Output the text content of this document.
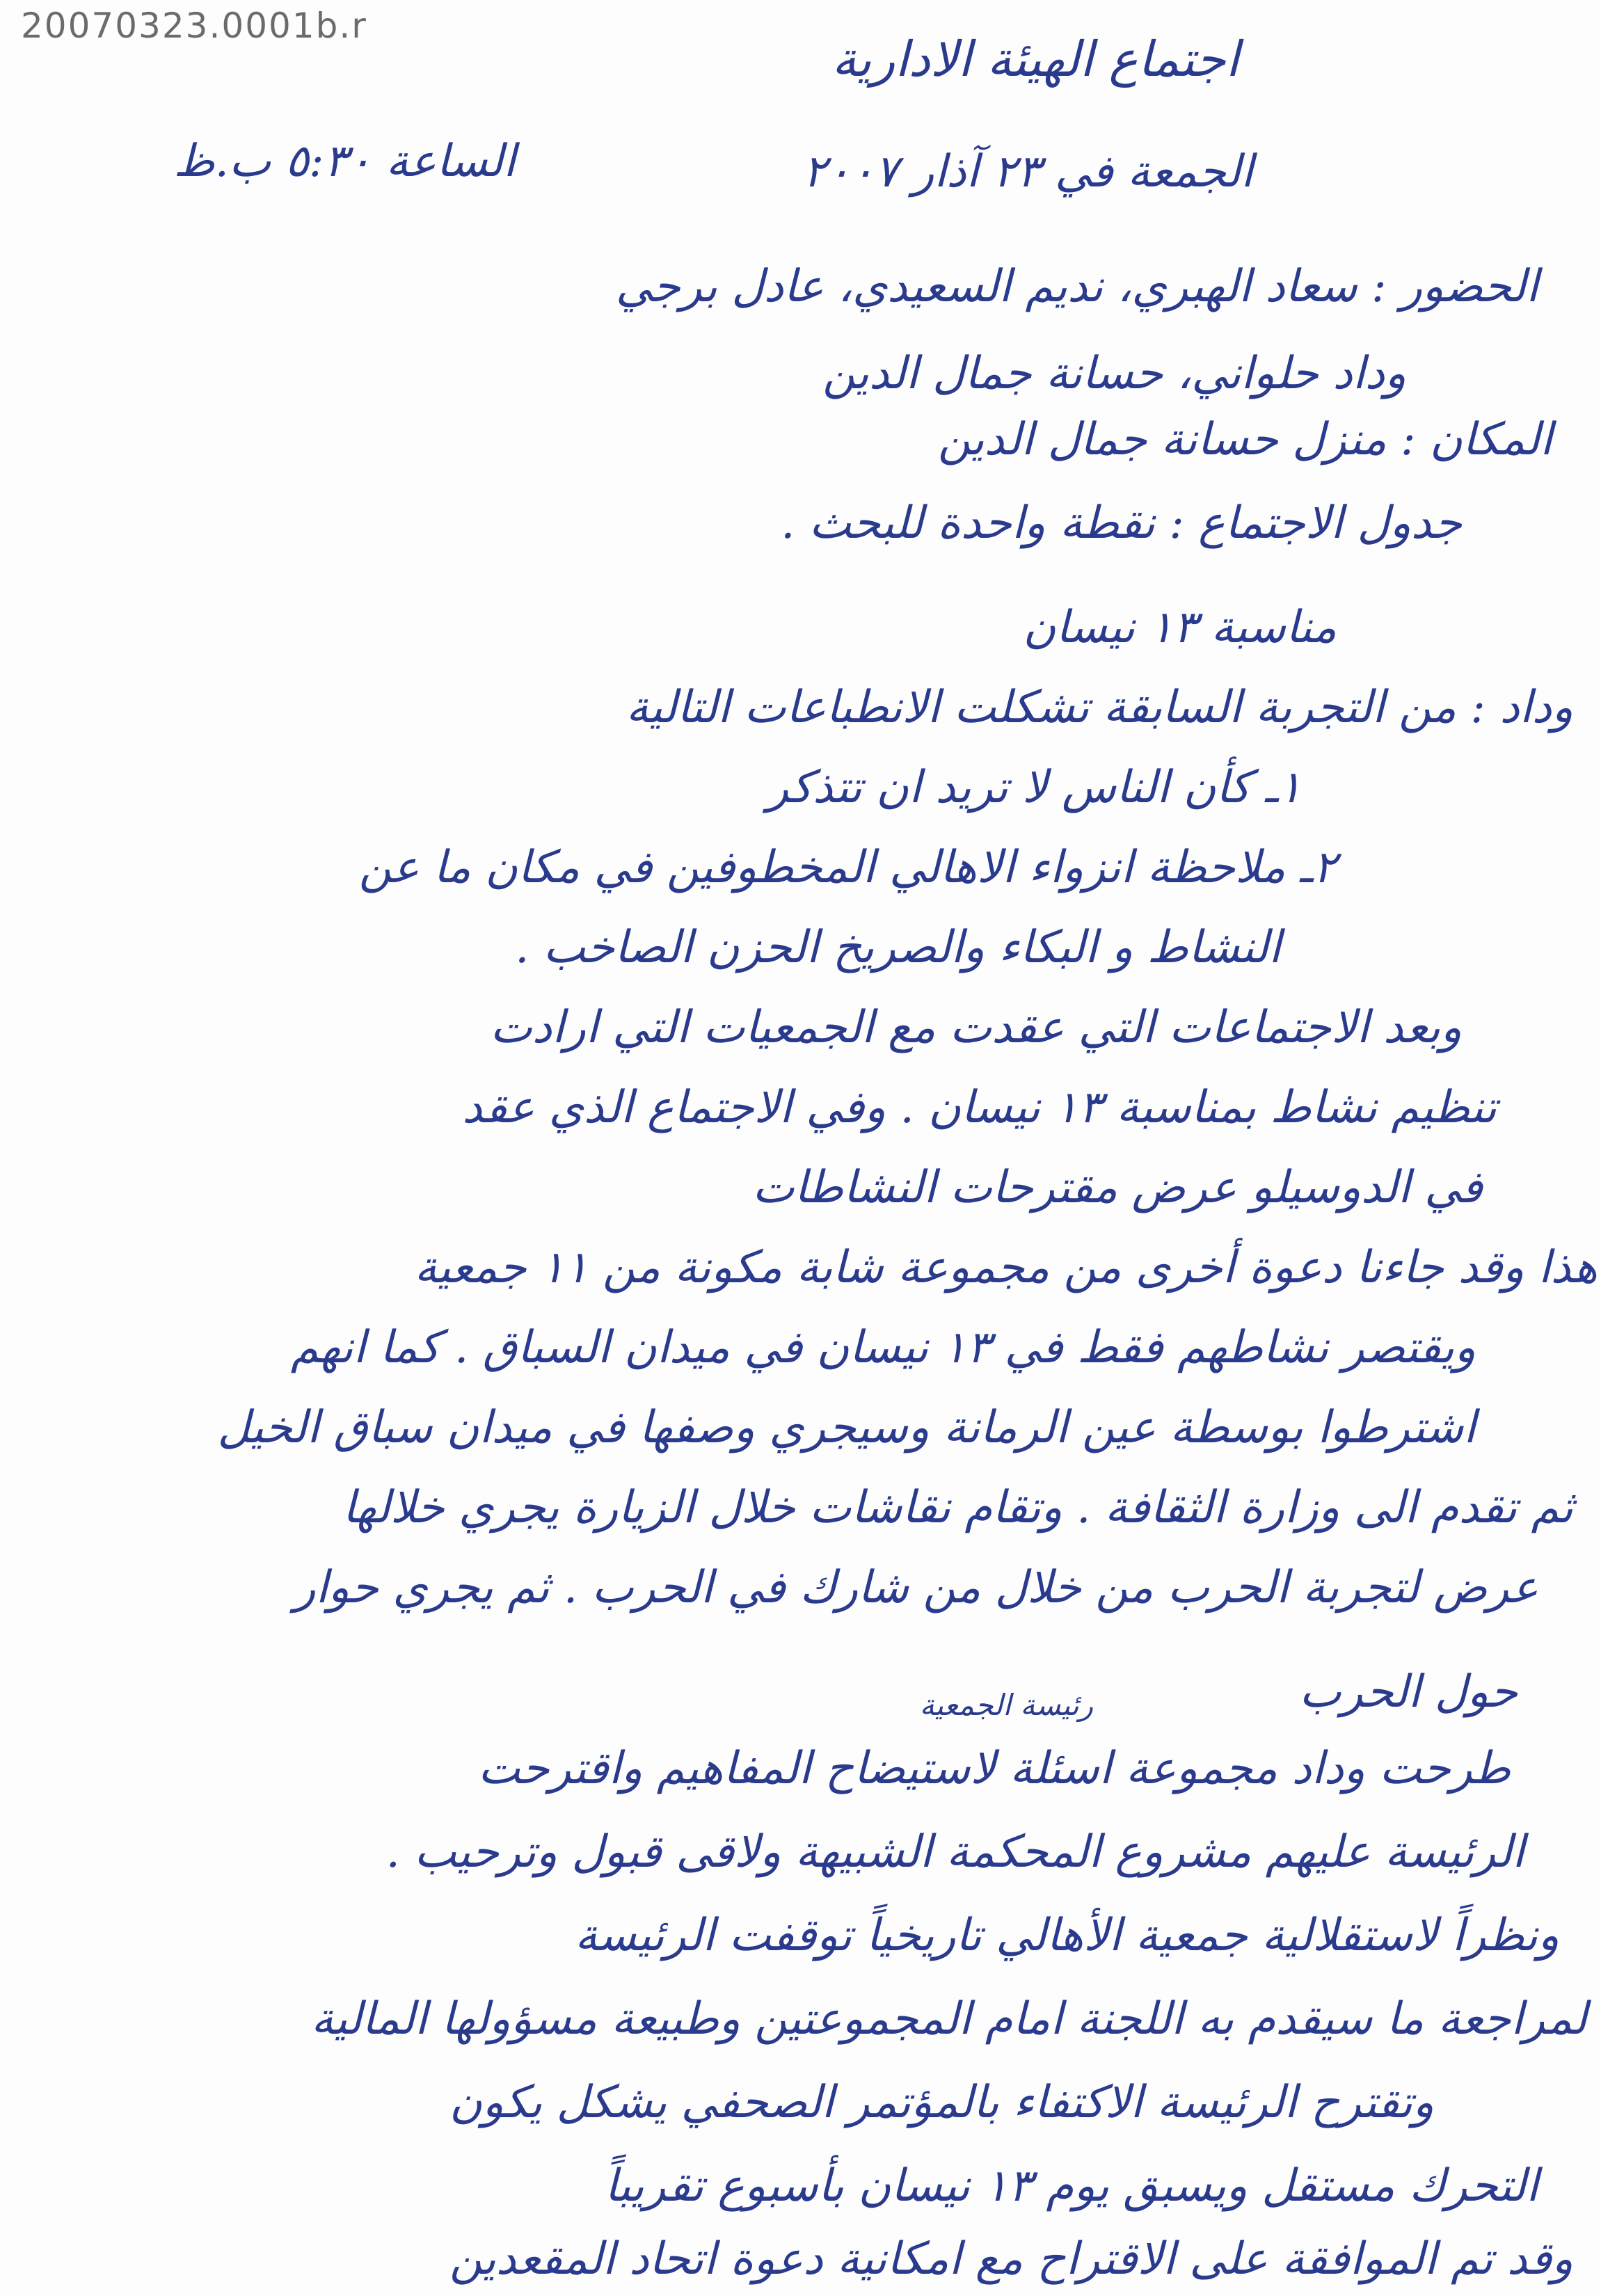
20070323.0001b.r
اجتماع الهيئة الادارية
الجمعة في ٢٣ آذار ٢٠٠٧
الساعة ٥:٣٠ ب.ظ
الحضور : سعاد الهبري، نديم السعيدي، عادل برجي
وداد حلواني، حسانة جمال الدين
المكان : منزل حسانة جمال الدين
جدول الاجتماع : نقطة واحدة للبحث .
مناسبة ١٣ نيسان
وداد : من التجربة السابقة تشكلت الانطباعات التالية
١ـ كأن الناس لا تريد ان تتذكر
٢ـ ملاحظة انزواء الاهالي المخطوفين في مكان ما عن
النشاط و البكاء والصريخ الحزن الصاخب .
وبعد الاجتماعات التي عقدت مع الجمعيات التي ارادت
تنظيم نشاط بمناسبة ١٣ نيسان . وفي الاجتماع الذي عقد
في الدوسيلو عرض مقترحات النشاطات
هذا وقد جاءنا دعوة أخرى من مجموعة شابة مكونة من ١١ جمعية
ويقتصر نشاطهم فقط في ١٣ نيسان في ميدان السباق . كما انهم
اشترطوا بوسطة عين الرمانة وسيجري وصفها في ميدان سباق الخيل
ثم تقدم الى وزارة الثقافة . وتقام نقاشات خلال الزيارة يجري خلالها
عرض لتجربة الحرب من خلال من شارك في الحرب . ثم يجري حوار
حول الحرب
رئيسة الجمعية
طرحت وداد مجموعة اسئلة لاستيضاح المفاهيم واقترحت
الرئيسة عليهم مشروع المحكمة الشبيهة ولاقى قبول وترحيب .
ونظراً لاستقلالية جمعية الأهالي تاريخياً توقفت الرئيسة
لمراجعة ما سيقدم به اللجنة امام المجموعتين وطبيعة مسؤولها المالية
وتقترح الرئيسة الاكتفاء بالمؤتمر الصحفي يشكل يكون
التحرك مستقل ويسبق يوم ١٣ نيسان بأسبوع تقريباً
وقد تم الموافقة على الاقتراح مع امكانية دعوة اتحاد المقعدين
